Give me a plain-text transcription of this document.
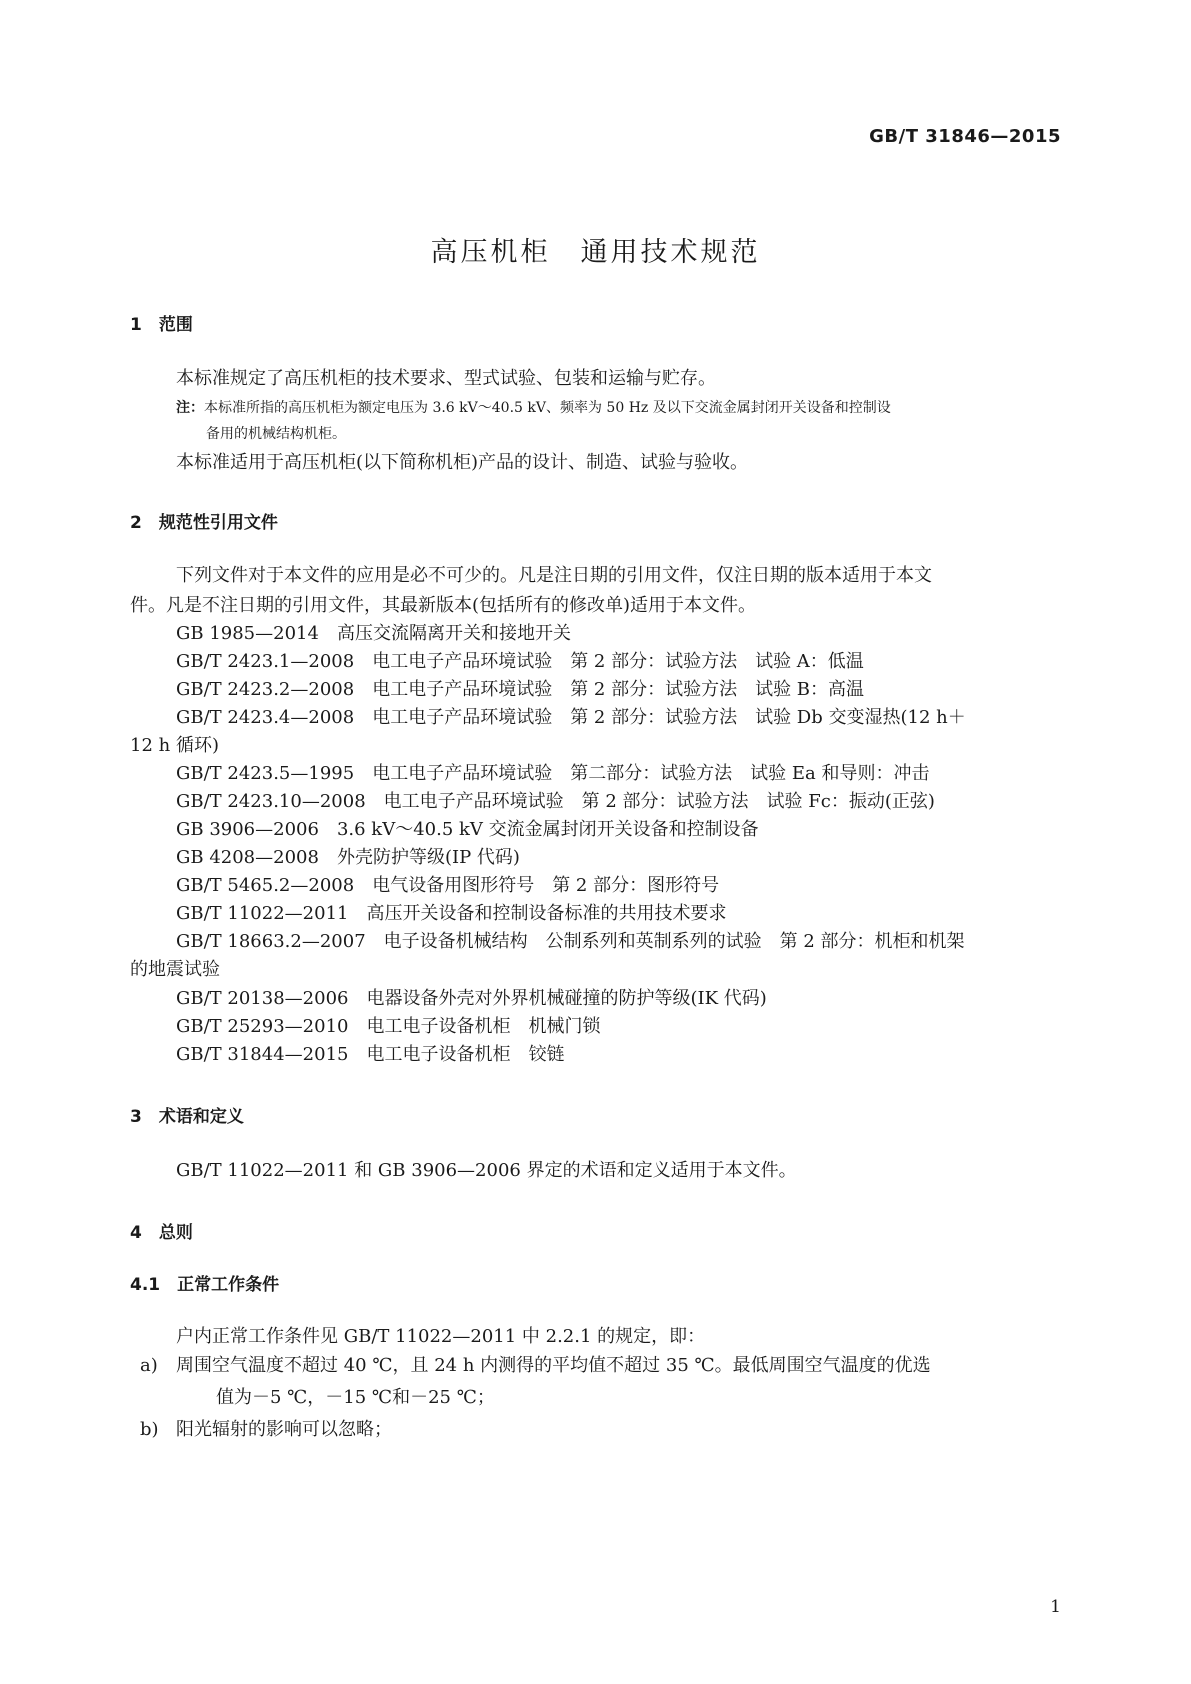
GB/T 31846—2015
高压机柜　通用技术规范
1　范围
本标准规定了高压机柜的技术要求、型式试验、包装和运输与贮存。
注：本标准所指的高压机柜为额定电压为 3.6 kV～40.5 kV、频率为 50 Hz 及以下交流金属封闭开关设备和控制设
备用的机械结构机柜。
本标准适用于高压机柜(以下简称机柜)产品的设计、制造、试验与验收。
2　规范性引用文件
下列文件对于本文件的应用是必不可少的。凡是注日期的引用文件，仅注日期的版本适用于本文
件。凡是不注日期的引用文件，其最新版本(包括所有的修改单)适用于本文件。
GB 1985—2014　高压交流隔离开关和接地开关
GB/T 2423.1—2008　电工电子产品环境试验　第 2 部分：试验方法　试验 A：低温
GB/T 2423.2—2008　电工电子产品环境试验　第 2 部分：试验方法　试验 B：高温
GB/T 2423.4—2008　电工电子产品环境试验　第 2 部分：试验方法　试验 Db 交变湿热(12 h＋
12 h 循环)
GB/T 2423.5—1995　电工电子产品环境试验　第二部分：试验方法　试验 Ea 和导则：冲击
GB/T 2423.10—2008　电工电子产品环境试验　第 2 部分：试验方法　试验 Fc：振动(正弦)
GB 3906—2006　3.6 kV～40.5 kV 交流金属封闭开关设备和控制设备
GB 4208—2008　外壳防护等级(IP 代码)
GB/T 5465.2—2008　电气设备用图形符号　第 2 部分：图形符号
GB/T 11022—2011　高压开关设备和控制设备标准的共用技术要求
GB/T 18663.2—2007　电子设备机械结构　公制系列和英制系列的试验　第 2 部分：机柜和机架
的地震试验
GB/T 20138—2006　电器设备外壳对外界机械碰撞的防护等级(IK 代码)
GB/T 25293—2010　电工电子设备机柜　机械门锁
GB/T 31844—2015　电工电子设备机柜　铰链
3　术语和定义
GB/T 11022—2011 和 GB 3906—2006 界定的术语和定义适用于本文件。
4　总则
4.1　正常工作条件
户内正常工作条件见 GB/T 11022—2011 中 2.2.1 的规定，即：
a) 周围空气温度不超过 40 ℃，且 24 h 内测得的平均值不超过 35 ℃。最低周围空气温度的优选
值为－5 ℃，－15 ℃和－25 ℃；
b) 阳光辐射的影响可以忽略；
1
